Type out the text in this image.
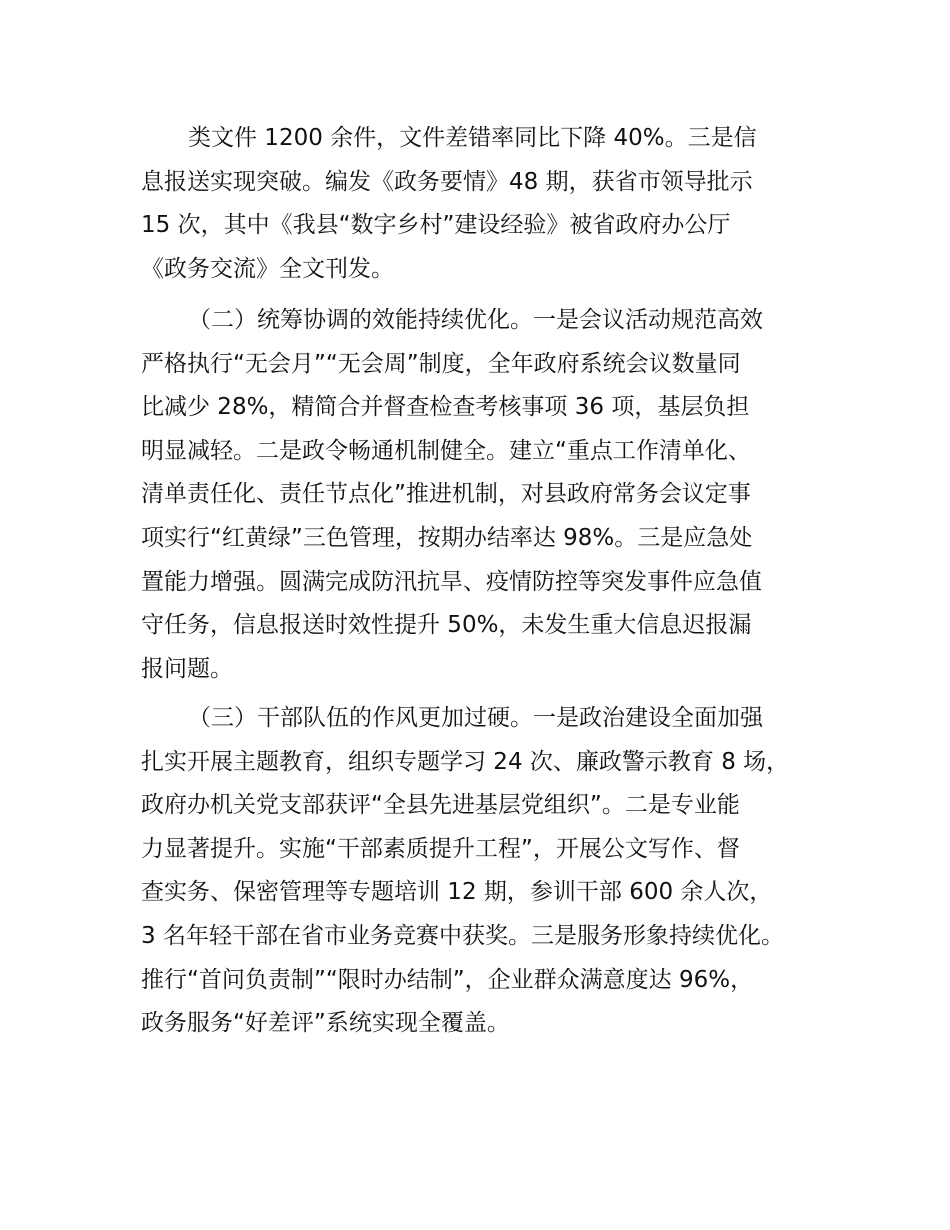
类文件 1200 余件，文件差错率同比下降 40%。三是信
息报送实现突破。编发《政务要情》48 期，获省市领导批示
15 次，其中《我县“数字乡村”建设经验》被省政府办公厅
《政务交流》全文刊发。
（二）统筹协调的效能持续优化。一是会议活动规范高效
严格执行“无会月”“无会周”制度，全年政府系统会议数量同
比减少 28%，精简合并督查检查考核事项 36 项，基层负担
明显减轻。二是政令畅通机制健全。建立“重点工作清单化、
清单责任化、责任节点化”推进机制，对县政府常务会议定事
项实行“红黄绿”三色管理，按期办结率达 98%。三是应急处
置能力增强。圆满完成防汛抗旱、疫情防控等突发事件应急值
守任务，信息报送时效性提升 50%，未发生重大信息迟报漏
报问题。
（三）干部队伍的作风更加过硬。一是政治建设全面加强
扎实开展主题教育，组织专题学习 24 次、廉政警示教育 8 场，
政府办机关党支部获评“全县先进基层党组织”。二是专业能
力显著提升。实施“干部素质提升工程”，开展公文写作、督
查实务、保密管理等专题培训 12 期，参训干部 600 余人次，
3 名年轻干部在省市业务竞赛中获奖。三是服务形象持续优化。
推行“首问负责制”“限时办结制”，企业群众满意度达 96%，
政务服务“好差评”系统实现全覆盖。
